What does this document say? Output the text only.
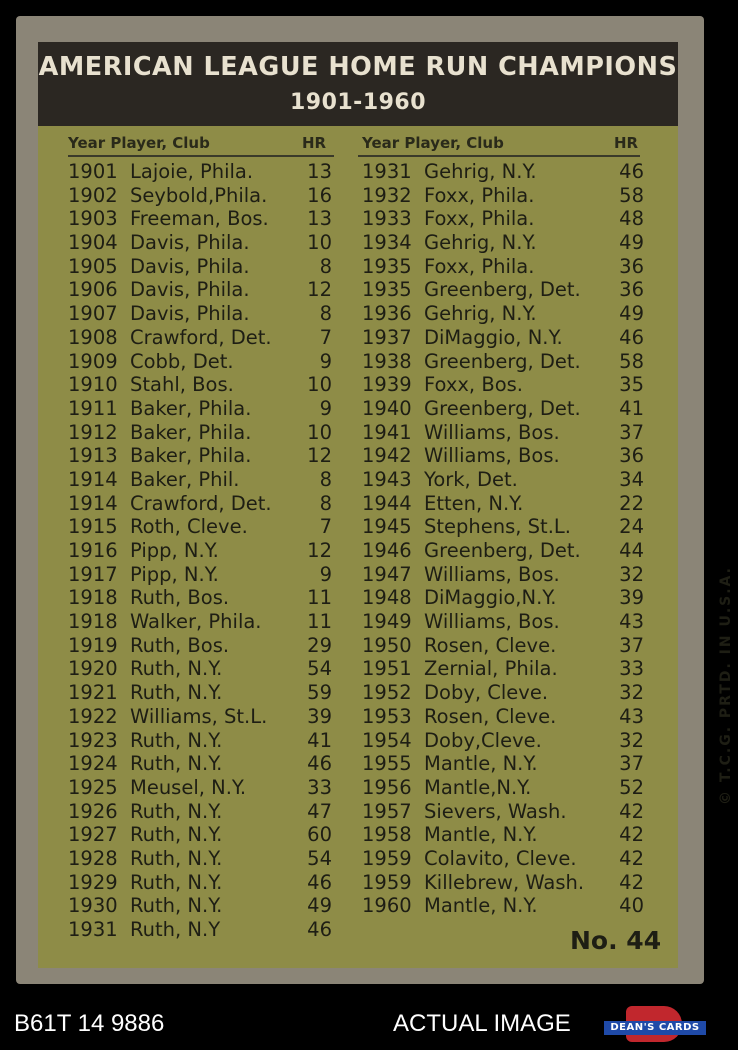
AMERICAN LEAGUE HOME RUN CHAMPIONS
1901-1960
Year Player, Club	HR Year Player, Club	HR
1901 Lajoie, Phila.	13
1902 Seybold,Phila.	16
1903 Freeman, Bos.	13
1904 Davis, Phila.	10
1905 Davis, Phila.	8
1906 Davis, Phila.	12
1907 Davis, Phila.	8
1908 Crawford, Det.	7
1909 Cobb, Det.	9
1910 Stahl, Bos.	10
1911 Baker, Phila.	9
1912 Baker, Phila.	10
1913 Baker, Phila.	12
1914 Baker, Phil.	8
1914 Crawford, Det.	8
1915 Roth, Cleve.	7
1916 Pipp, N.Y.	12
1917 Pipp, N.Y.	9
1918 Ruth, Bos.	11
1918 Walker, Phila.	11
1919 Ruth, Bos.	29
1920 Ruth, N.Y.	54
1921 Ruth, N.Y.	59
1922 Williams, St.L.	39
1923 Ruth, N.Y.	41
1924 Ruth, N.Y.	46
1925 Meusel, N.Y.	33
1926 Ruth, N.Y.	47
1927 Ruth, N.Y.	60
1928 Ruth, N.Y.	54
1929 Ruth, N.Y.	46
1930 Ruth, N.Y.	49
1931 Ruth, N.Y	46
1931 Gehrig, N.Y.	46
1932 Foxx, Phila.	58
1933 Foxx, Phila.	48
1934 Gehrig, N.Y.	49
1935 Foxx, Phila.	36
1935 Greenberg, Det.	36
1936 Gehrig, N.Y.	49
1937 DiMaggio, N.Y.	46
1938 Greenberg, Det.	58
1939 Foxx, Bos.	35
1940 Greenberg, Det.	41
1941 Williams, Bos.	37
1942 Williams, Bos.	36
1943 York, Det.	34
1944 Etten, N.Y.	22
1945 Stephens, St.L.	24
1946 Greenberg, Det.	44
1947 Williams, Bos.	32
1948 DiMaggio,N.Y.	39
1949 Williams, Bos.	43
1950 Rosen, Cleve.	37
1951 Zernial, Phila.	33
1952 Doby, Cleve.	32
1953 Rosen, Cleve.	43
1954 Doby,Cleve.	32
1955 Mantle, N.Y.	37
1956 Mantle,N.Y.	52
1957 Sievers, Wash.	42
1958 Mantle, N.Y.	42
1959 Colavito, Cleve.	42
1959 Killebrew, Wash.	42
1960 Mantle, N.Y.	40
No. 44
© T.C.G. PRTD. IN U.S.A.
B61T 14 9886	ACTUAL IMAGE	DEAN'S CARDS
